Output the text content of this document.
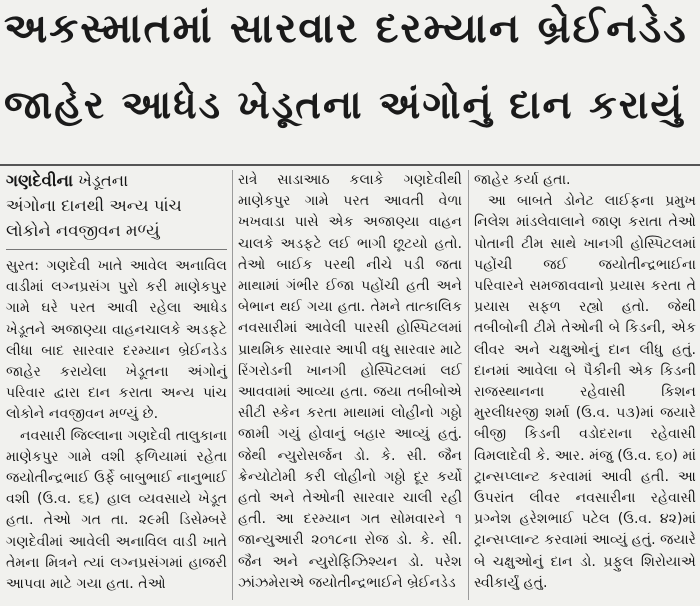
અકસ્માતમાં સારવાર દરમ્યાન બ્રેઈનડેડ
જાહેર આધેડ ખેડૂતના અંગોનું દાન કરાયું
ગણદેવીના ખેડૂતના
અંગોના દાનથી અન્ય પાંચ
લોકોને નવજીવન મળ્યું

સુરત: ગણદેવી ખાતે આવેલ અનાવિલ વાડીમાં લગ્નપ્રસંગ પુરો કરી માણેકપુર ગામે ઘરે પરત આવી રહેલા આધેડ ખેડૂતને અજાણ્યા વાહનચાલકે અડફટે લીધા બાદ સારવાર દરમ્યાન બ્રેઈનડેડ જાહેર કરાયેલા ખેડૂતના અંગોનું પરિવાર દ્વારા દાન કરાતા અન્ય પાંચ લોકોને નવજીવન મળ્યું છે.

નવસારી જિલ્લાના ગણદેવી તાલુકાના માણેકપુર ગામે વશી ફળિયામાં રહેતા જયોતીન્દ્રભાઈ ઉર્ફે બાબુભાઈ નાનુભાઈ વશી (ઉ.વ. ૬૬) હાલ વ્યવસાયે ખેડૂત હતા. તેઓ ગત તા. ૨૯મી ડિસેમ્બરે ગણદેવીમાં આવેલી અનાવિલ વાડી ખાતે તેમના મિત્રને ત્યાં લગ્નપ્રસંગમાં હાજરી આપવા માટે ગયા હતા. તેઓ

રાત્રે સાડાઆઠ કલાકે ગણદેવીથી માણેકપુર ગામે પરત આવતી વેળા ખખવાડા પાસે એક અજાણ્યા વાહન ચાલકે અડફટે લઈ ભાગી છૂટયો હતો. તેઓ બાઈક પરથી નીચે પડી જતા માથામાં ગંભીર ઈજા પહોંચી હતી અને બેભાન થઈ ગયા હતા. તેમને તાત્કાલિક નવસારીમાં આવેલી પારસી હોસ્પિટલમાં પ્રાથમિક સારવાર આપી વધુ સારવાર માટે રિંગરોડની ખાનગી હોસ્પિટલમાં લઈ આવવામાં આવ્યા હતા. જયા તબીબોએ સીટી સ્કેન કરતા માથામાં લોહીનો ગઠ્ઠો જામી ગયું હોવાનું બહાર આવ્યું હતું. જેથી ન્યુરોસર્જન ડો. કે. સી. જૈન ક્રેન્યોટોમી કરી લોહીનો ગઠ્ઠો દૂર કર્યો હતો અને તેઓની સારવાર ચાલી રહી હતી. આ દરમ્યાન ગત સોમવારને ૧ જાન્યુઆરી ૨૦૧૮ના રોજ ડો. કે. સી. જૈન અને ન્યુરોફિઝિશ્યન ડો. પરેશ ઝાંઝમેરાએ જયોતીન્દ્રભાઈને બ્રેઈનડેડ

જાહેર કર્યા હતા.

આ બાબતે ડોનેટ લાઈફના પ્રમુખ નિલેશ માંડલેવાલાને જાણ કરાતા તેઓ પોતાની ટીમ સાથે ખાનગી હોસ્પિટલમાં પહોંચી જઈ જયોતીન્દ્રભાઈના પરિવારને સમજાવવાનો પ્રયાસ કરતા તે પ્રયાસ સફળ રહ્યો હતો. જેથી તબીબોની ટીમે તેઓની બે કિડની, એક લીવર અને ચક્ષુઓનું દાન લીધુ હતું. દાનમાં આવેલા બે પૈકીની એક કિડની રાજસ્થાનના રહેવાસી કિશન મુરલીધરજી શર્મા (ઉ.વ. ૫૩)માં જયારે બીજી કિડની વડોદરાના રહેવાસી વિમલાદેવી કે. આર. મંજુ (ઉ.વ. ૬૦) માં ટ્રાન્સપ્લાન્ટ કરવામાં આવી હતી. આ ઉપરાંત લીવર નવસારીના રહેવાસી પ્રગ્નેશ હરેશભાઈ પટેલ (ઉ.વ. ૪૨)માં ટ્રાન્સપ્લાન્ટ કરવામાં આવ્યું હતું. જયારે બે ચક્ષુઓનું દાન ડો. પ્રફુલ શિરોયાએ સ્વીકાર્યું હતું.
